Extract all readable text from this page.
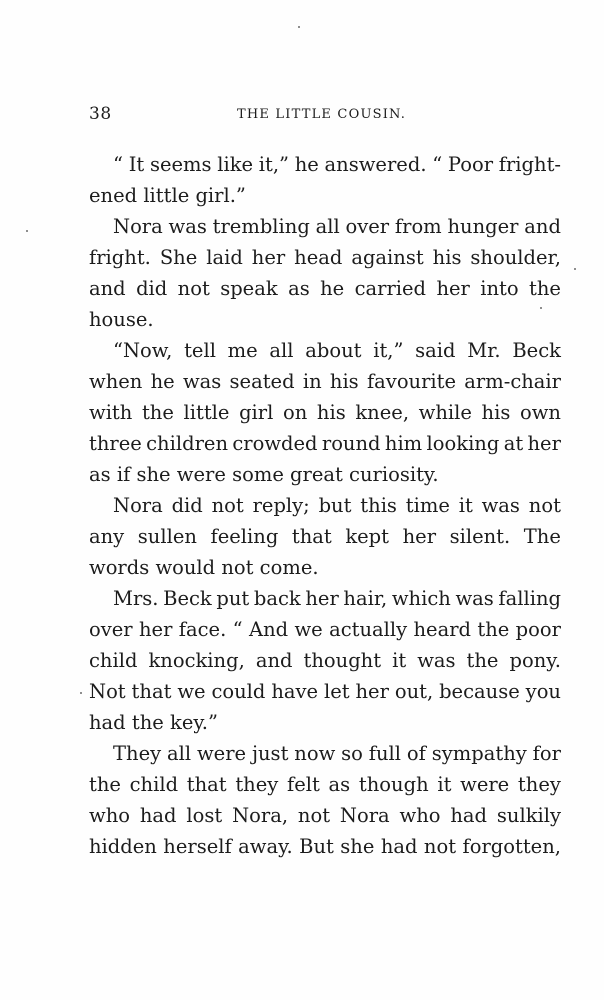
38	THE LITTLE COUSIN.
“ It seems like it,” he answered. “ Poor fright-
ened little girl.”
Nora was trembling all over from hunger and
fright. She laid her head against his shoulder,
and did not speak as he carried her into the
house.
“Now, tell me all about it,” said Mr. Beck
when he was seated in his favourite arm-chair
with the little girl on his knee, while his own
three children crowded round him looking at her
as if she were some great curiosity.
Nora did not reply; but this time it was not
any sullen feeling that kept her silent. The
words would not come.
Mrs. Beck put back her hair, which was falling
over her face. “ And we actually heard the poor
child knocking, and thought it was the pony.
Not that we could have let her out, because you
had the key.”
They all were just now so full of sympathy for
the child that they felt as though it were they
who had lost Nora, not Nora who had sulkily
hidden herself away. But she had not forgotten,
